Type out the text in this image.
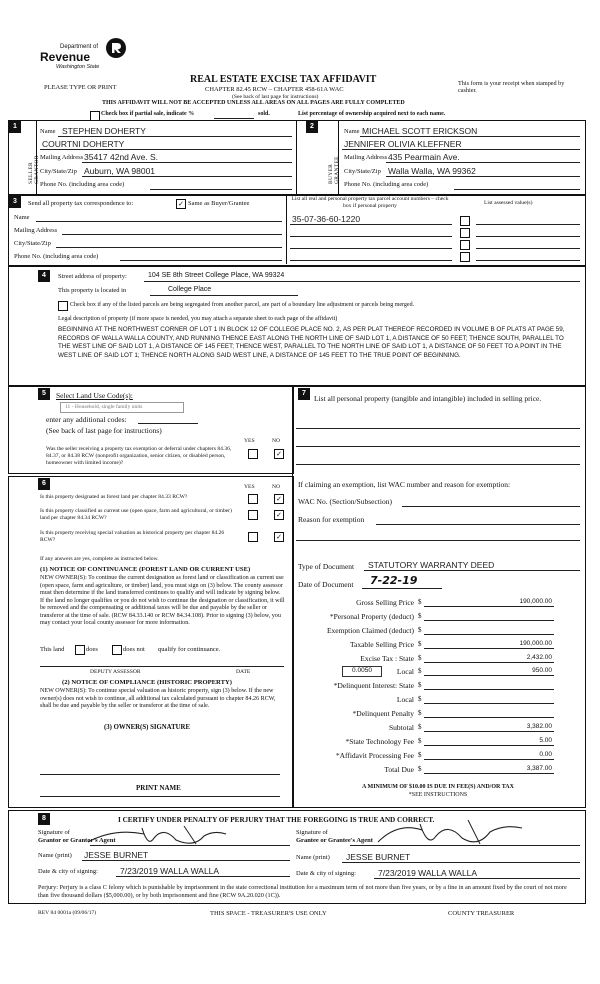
Department of
Revenue
Washington State
PLEASE TYPE OR PRINT
REAL ESTATE EXCISE TAX AFFIDAVIT
CHAPTER 82.45 RCW – CHAPTER 458-61A WAC
(See back of last page for instructions)
This form is your receipt when stamped by cashier.
THIS AFFIDAVIT WILL NOT BE ACCEPTED UNLESS ALL AREAS ON ALL PAGES ARE FULLY COMPLETED
Check box if partial sale, indicate %	sold.	List percentage of ownership acquired next to each name.
1
SELLER GRANTOR
Name STEPHEN DOHERTY
COURTNI DOHERTY
Mailing Address 35417 42nd Ave. S.
City/State/Zip Auburn, WA 98001
Phone No. (including area code)
2
BUYER GRANTEE
Name MICHAEL SCOTT ERICKSON
JENNIFER OLIVIA KLEFFNER
Mailing Address 435 Pearmain Ave.
City/State/Zip Walla Walla, WA 99362
Phone No. (including area code)
3	Send all property tax correspondence to:	✓ Same as Buyer/Grantee
Name
Mailing Address
City/State/Zip
Phone No. (including area code)
List all real and personal property tax parcel account numbers – check box if personal property	List assessed value(s)
35-07-36-60-1220
4	Street address of property:	104 SE 8th Street College Place, WA 99324
This property is located in	College Place
Check box if any of the listed parcels are being segregated from another parcel, are part of a boundary line adjustment or parcels being merged.
Legal description of property (if more space is needed, you may attach a separate sheet to each page of the affidavit)
BEGINNING AT THE NORTHWEST CORNER OF LOT 1 IN BLOCK 12 OF COLLEGE PLACE NO. 2, AS PER PLAT THEREOF RECORDED IN VOLUME B OF PLATS AT PAGE 59, RECORDS OF WALLA WALLA COUNTY, AND RUNNING THENCE EAST ALONG THE NORTH LINE OF SAID LOT 1, A DISTANCE OF 50 FEET; THENCE SOUTH, PARALLEL TO THE WEST LINE OF SAID LOT 1, A DISTANCE OF 145 FEET; THENCE WEST, PARALLEL TO THE NORTH LINE OF SAID LOT 1, A DISTANCE OF 50 FEET TO A POINT IN THE WEST LINE OF SAID LOT 1; THENCE NORTH ALONG SAID WEST LINE, A DISTANCE OF 145 FEET TO THE TRUE POINT OF BEGINNING.
5	Select Land Use Code(s):
11 - Household, single family units
enter any additional codes:
(See back of last page for instructions)
YES	NO
Was the seller receiving a property tax exemption or deferral under chapters 84.36, 84.37, or 84.38 RCW (nonprofit organization, senior citizen, or disabled person, homeowner with limited income)?
✓
6	YES	NO
Is this property designated as forest land per chapter 84.33 RCW?	✓
Is this property classified as current use (open space, farm and agricultural, or timber) land per chapter 84.34 RCW?	✓
Is this property receiving special valuation as historical property per chapter 84.26 RCW?	✓
If any answers are yes, complete as instructed below.
(1) NOTICE OF CONTINUANCE (FOREST LAND OR CURRENT USE)
NEW OWNER(S): To continue the current designation as forest land or classification as current use (open space, farm and agriculture, or timber) land, you must sign on (3) below. The county assessor must then determine if the land transferred continues to qualify and will indicate by signing below. If the land no longer qualifies or you do not wish to continue the designation or classification, it will be removed and the compensating or additional taxes will be due and payable by the seller or transferor at the time of sale. (RCW 84.33.140 or RCW 84.34.108). Prior to signing (3) below, you may contact your local county assessor for more information.
This land	does	does not qualify for continuance.
DEPUTY ASSESSOR	DATE
(2) NOTICE OF COMPLIANCE (HISTORIC PROPERTY)
NEW OWNER(S): To continue special valuation as historic property, sign (3) below. If the new owner(s) does not wish to continue, all additional tax calculated pursuant to chapter 84.26 RCW, shall be due and payable by the seller or transferor at the time of sale.
(3) OWNER(S) SIGNATURE
PRINT NAME
7
List all personal property (tangible and intangible) included in selling price.
If claiming an exemption, list WAC number and reason for exemption:
WAC No. (Section/Subsection)
Reason for exemption
Type of Document STATUTORY WARRANTY DEED
Date of Document 7-22-19
Gross Selling Price $	190,000.00
*Personal Property (deduct) $
Exemption Claimed (deduct) $
Taxable Selling Price $	190,000.00
Excise Tax : State $	2,432.00
0.0050	Local $	950.00
*Delinquent Interest: State $
Local $
*Delinquent Penalty $
Subtotal $	3,382.00
*State Technology Fee $	5.00
*Affidavit Processing Fee $	0.00
Total Due $	3,387.00
A MINIMUM OF $10.00 IS DUE IN FEE(S) AND/OR TAX
*SEE INSTRUCTIONS
8	I CERTIFY UNDER PENALTY OF PERJURY THAT THE FOREGOING IS TRUE AND CORRECT.
Signature of
Grantor or Grantor's Agent
Signature of
Grantee or Grantee's Agent
Name (print) JESSE BURNET	Name (print) JESSE BURNET
Date & city of signing:	7/23/2019 WALLA WALLA	Date & city of signing:	7/23/2019 WALLA WALLA
Perjury: Perjury is a class C felony which is punishable by imprisonment in the state correctional institution for a maximum term of not more than five years, or by a fine in an amount fixed by the court of not more than five thousand dollars ($5,000.00), or by both imprisonment and fine (RCW 9A.20.020 (1C)).
REV 84 0001a (09/06/17)	THIS SPACE - TREASURER'S USE ONLY	COUNTY TREASURER
